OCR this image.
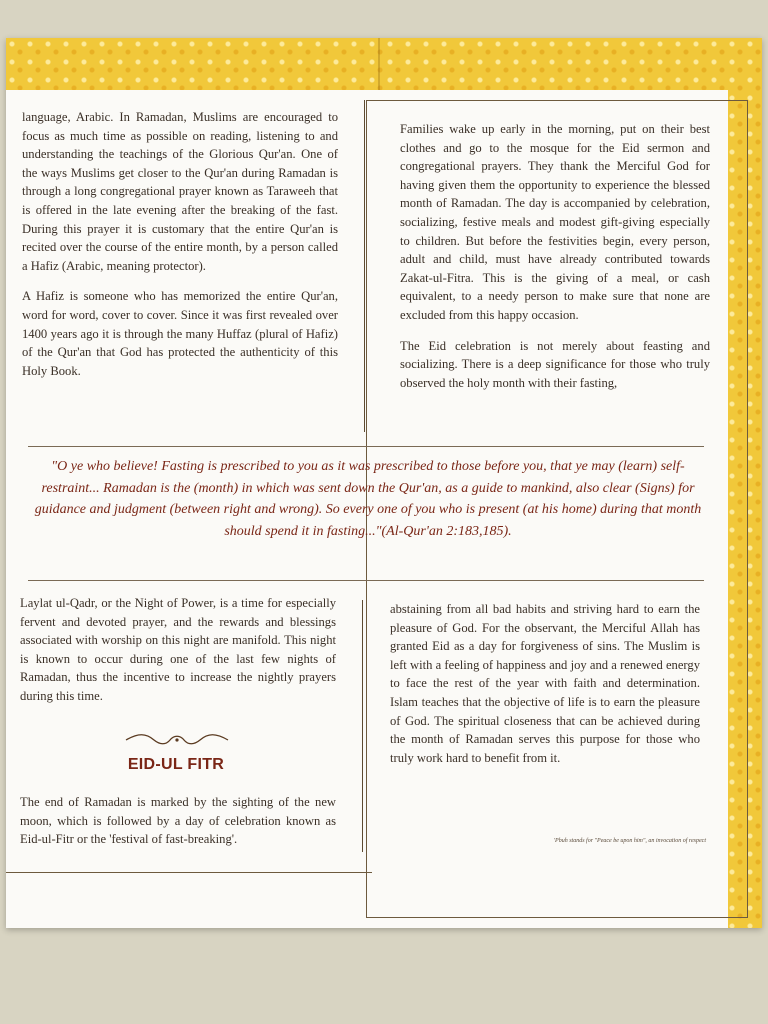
language, Arabic. In Ramadan, Muslims are encouraged to focus as much time as possible on reading, listening to and understanding the teachings of the Glorious Qur'an. One of the ways Muslims get closer to the Qur'an during Ramadan is through a long congregational prayer known as Taraweeh that is offered in the late evening after the breaking of the fast. During this prayer it is customary that the entire Qur'an is recited over the course of the entire month, by a person called a Hafiz (Arabic, meaning protector).

A Hafiz is someone who has memorized the entire Qur'an, word for word, cover to cover. Since it was first revealed over 1400 years ago it is through the many Huffaz (plural of Hafiz) of the Qur'an that God has protected the authenticity of this Holy Book.

Families wake up early in the morning, put on their best clothes and go to the mosque for the Eid sermon and congregational prayers. They thank the Merciful God for having given them the opportunity to experience the blessed month of Ramadan. The day is accompanied by celebration, socializing, festive meals and modest gift-giving especially to children. But before the festivities begin, every person, adult and child, must have already contributed towards Zakat-ul-Fitra. This is the giving of a meal, or cash equivalent, to a needy person to make sure that none are excluded from this happy occasion.

The Eid celebration is not merely about feasting and socializing. There is a deep significance for those who truly observed the holy month with their fasting,

"O ye who believe! Fasting is prescribed to you as it was prescribed to those before you, that ye may (learn) self-restraint... Ramadan is the (month) in which was sent down the Qur'an, as a guide to mankind, also clear (Signs) for guidance and judgment (between right and wrong). So every one of you who is present (at his home) during that month should spend it in fasting..."(Al-Qur'an 2:183,185).

Laylat ul-Qadr, or the Night of Power, is a time for especially fervent and devoted prayer, and the rewards and blessings associated with worship on this night are manifold. This night is known to occur during one of the last few nights of Ramadan, thus the incentive to increase the nightly prayers during this time.

EID-UL FITR

The end of Ramadan is marked by the sighting of the new moon, which is followed by a day of celebration known as Eid-ul-Fitr or the 'festival of fast-breaking'.

abstaining from all bad habits and striving hard to earn the pleasure of God. For the observant, the Merciful Allah has granted Eid as a day for forgiveness of sins. The Muslim is left with a feeling of happiness and joy and a renewed energy to face the rest of the year with faith and determination. Islam teaches that the objective of life is to earn the pleasure of God. The spiritual closeness that can be achieved during the month of Ramadan serves this purpose for those who truly work hard to benefit from it.

'Pbuh stands for "Peace be upon him", an invocation of respect
